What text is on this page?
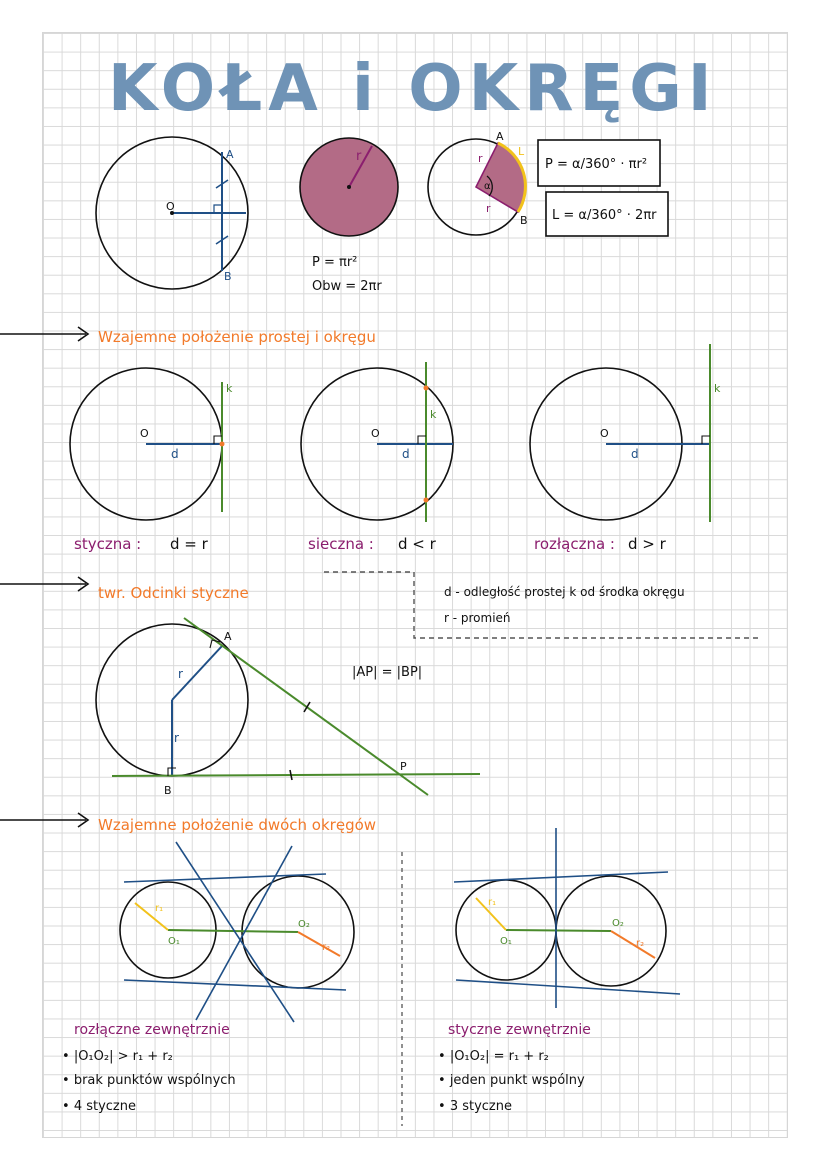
KOŁA i OKRĘGI
O
A
B
r
P = πr²
Obw = 2πr
A
B
r
r
α
L
P = α/360° · πr²
L = α/360° · 2πr
Wzajemne położenie prostej i okręgu
O
d
k
styczna : d = r
O
d
k
sieczna : d < r
O
d
k
rozłączna : d > r
d - odległość prostej k od środka okręgu
r - promień
twr. Odcinki styczne
A
B
P
r
r
|AP| = |BP|
Wzajemne położenie dwóch okręgów
r₁
r₂
O₁
O₂
rozłączne zewnętrznie
• |O₁O₂| > r₁ + r₂
• brak punktów wspólnych
• 4 styczne
r₁
r₂
O₁
O₂
styczne zewnętrznie
• |O₁O₂| = r₁ + r₂
• jeden punkt wspólny
• 3 styczne
